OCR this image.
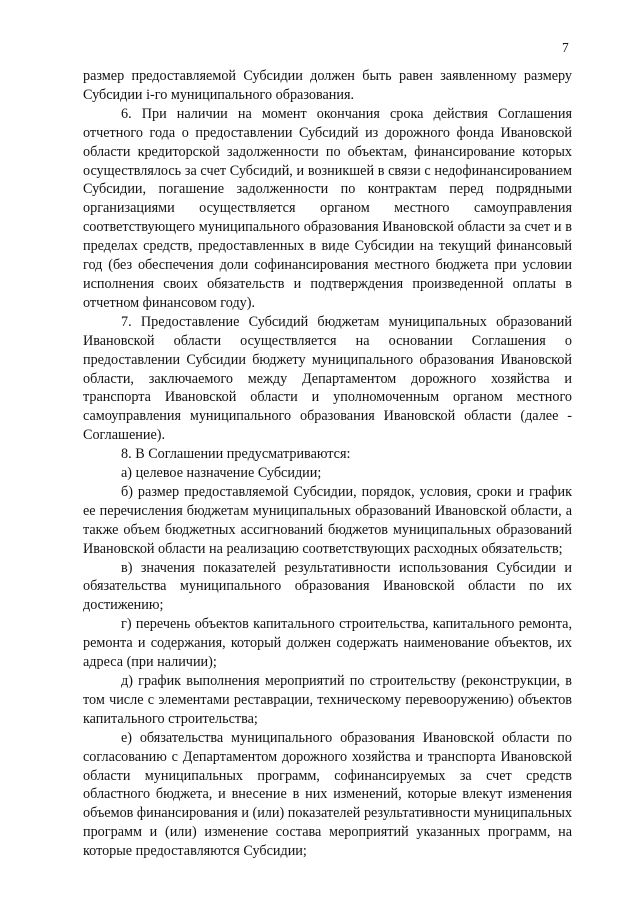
7

размер предоставляемой Субсидии должен быть равен заявленному размеру Субсидии i-го муниципального образования.

6. При наличии на момент окончания срока действия Соглашения отчетного года о предоставлении Субсидий из дорожного фонда Ивановской области кредиторской задолженности по объектам, финансирование которых осуществлялось за счет Субсидий, и возникшей в связи с недофинансированием Субсидии, погашение задолженности по контрактам перед подрядными организациями осуществляется органом местного самоуправления соответствующего муниципального образования Ивановской области за счет и в пределах средств, предоставленных в виде Субсидии на текущий финансовый год (без обеспечения доли софинансирования местного бюджета при условии исполнения своих обязательств и подтверждения произведенной оплаты в отчетном финансовом году).

7. Предоставление Субсидий бюджетам муниципальных образований Ивановской области осуществляется на основании Соглашения о предоставлении Субсидии бюджету муниципального образования Ивановской области, заключаемого между Департаментом дорожного хозяйства и транспорта Ивановской области и уполномоченным органом местного самоуправления муниципального образования Ивановской области (далее - Соглашение).

8. В Соглашении предусматриваются:

а) целевое назначение Субсидии;

б) размер предоставляемой Субсидии, порядок, условия, сроки и график ее перечисления бюджетам муниципальных образований Ивановской области, а также объем бюджетных ассигнований бюджетов муниципальных образований Ивановской области на реализацию соответствующих расходных обязательств;

в) значения показателей результативности использования Субсидии и обязательства муниципального образования Ивановской области по их достижению;

г) перечень объектов капитального строительства, капитального ремонта, ремонта и содержания, который должен содержать наименование объектов, их адреса (при наличии);

д) график выполнения мероприятий по строительству (реконструкции, в том числе с элементами реставрации, техническому перевооружению) объектов капитального строительства;

е) обязательства муниципального образования Ивановской области по согласованию с Департаментом дорожного хозяйства и транспорта Ивановской области муниципальных программ, софинансируемых за счет средств областного бюджета, и внесение в них изменений, которые влекут изменения объемов финансирования и (или) показателей результативности муниципальных программ и (или) изменение состава мероприятий указанных программ, на которые предоставляются Субсидии;
